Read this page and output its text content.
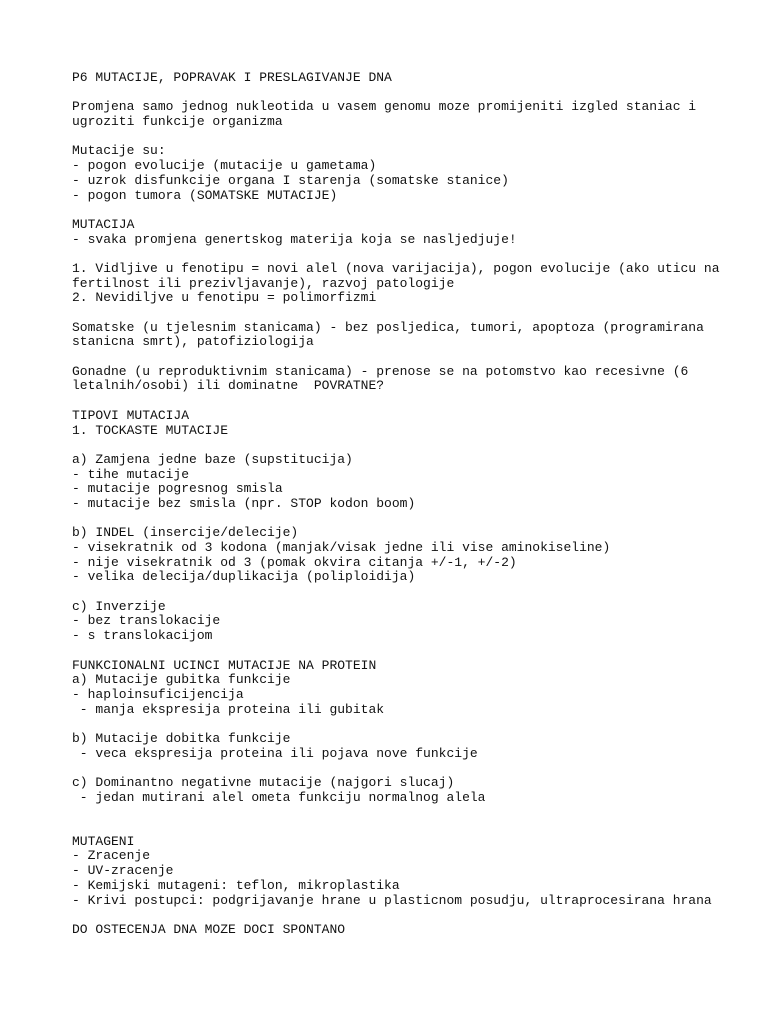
P6 MUTACIJE, POPRAVAK I PRESLAGIVANJE DNA
Promjena samo jednog nukleotida u vasem genomu moze promijeniti izgled staniac i
ugroziti funkcije organizma
Mutacije su:
- pogon evolucije (mutacije u gametama)
- uzrok disfunkcije organa I starenja (somatske stanice)
- pogon tumora (SOMATSKE MUTACIJE)
MUTACIJA
- svaka promjena genertskog materija koja se nasljedjuje!
1. Vidljive u fenotipu = novi alel (nova varijacija), pogon evolucije (ako uticu na
fertilnost ili prezivljavanje), razvoj patologije
2. Nevidiljve u fenotipu = polimorfizmi
Somatske (u tjelesnim stanicama) - bez posljedica, tumori, apoptoza (programirana
stanicna smrt), patofiziologija
Gonadne (u reproduktivnim stanicama) - prenose se na potomstvo kao recesivne (6
letalnih/osobi) ili dominatne  POVRATNE?
TIPOVI MUTACIJA
1. TOCKASTE MUTACIJE
a) Zamjena jedne baze (supstitucija)
- tihe mutacije
- mutacije pogresnog smisla
- mutacije bez smisla (npr. STOP kodon boom)
b) INDEL (insercije/delecije)
- visekratnik od 3 kodona (manjak/visak jedne ili vise aminokiseline)
- nije visekratnik od 3 (pomak okvira citanja +/-1, +/-2)
- velika delecija/duplikacija (poliploidija)
c) Inverzije
- bez translokacije
- s translokacijom
FUNKCIONALNI UCINCI MUTACIJE NA PROTEIN
a) Mutacije gubitka funkcije
- haploinsuficijencija
- manja ekspresija proteina ili gubitak
b) Mutacije dobitka funkcije
- veca ekspresija proteina ili pojava nove funkcije
c) Dominantno negativne mutacije (najgori slucaj)
- jedan mutirani alel ometa funkciju normalnog alela
MUTAGENI
- Zracenje
- UV-zracenje
- Kemijski mutageni: teflon, mikroplastika
- Krivi postupci: podgrijavanje hrane u plasticnom posudju, ultraprocesirana hrana
DO OSTECENJA DNA MOZE DOCI SPONTANO
